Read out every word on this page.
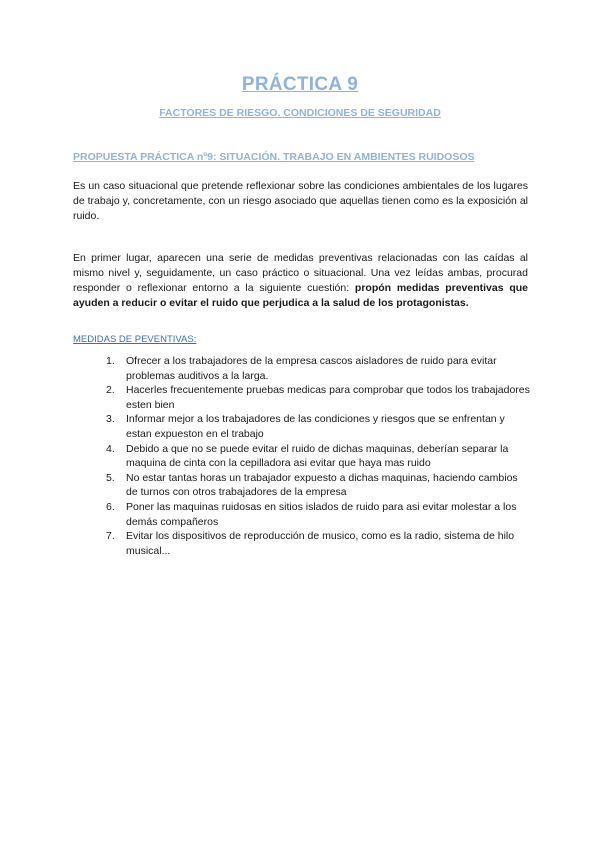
PRÁCTICA 9
FACTORES DE RIESGO. CONDICIONES DE SEGURIDAD
PROPUESTA PRÁCTICA nº9: SITUACIÓN. TRABAJO EN AMBIENTES RUIDOSOS

Es un caso situacional que pretende reflexionar sobre las condiciones ambientales de los lugares de trabajo y, concretamente, con un riesgo asociado que aquellas tienen como es la exposición al ruido.

En primer lugar, aparecen una serie de medidas preventivas relacionadas con las caídas al mismo nivel y, seguidamente, un caso práctico o situacional. Una vez leídas ambas, procurad responder o reflexionar entorno a la siguiente cuestión: propón medidas preventivas que ayuden a reducir o evitar el ruido que perjudica a la salud de los protagonistas.

MEDIDAS DE PEVENTIVAS:
1. Ofrecer a los trabajadores de la empresa cascos aisladores de ruido para evitar problemas auditivos a la larga.
2. Hacerles frecuentemente pruebas medicas para comprobar que todos los trabajadores esten bien
3. Informar mejor a los trabajadores de las condiciones y riesgos que se enfrentan y estan expueston en el trabajo
4. Debido a que no se puede evitar el ruido de dichas maquinas, deberían separar la maquina de cinta con la cepilladora asi evitar que haya mas ruido
5. No estar tantas horas un trabajador expuesto a dichas maquinas, haciendo cambios de turnos con otros trabajadores de la empresa
6. Poner las maquinas ruidosas en sitios islados de ruido para asi evitar molestar a los demás compañeros
7. Evitar los dispositivos de reproducción de musico, como es la radio, sistema de hilo musical...
